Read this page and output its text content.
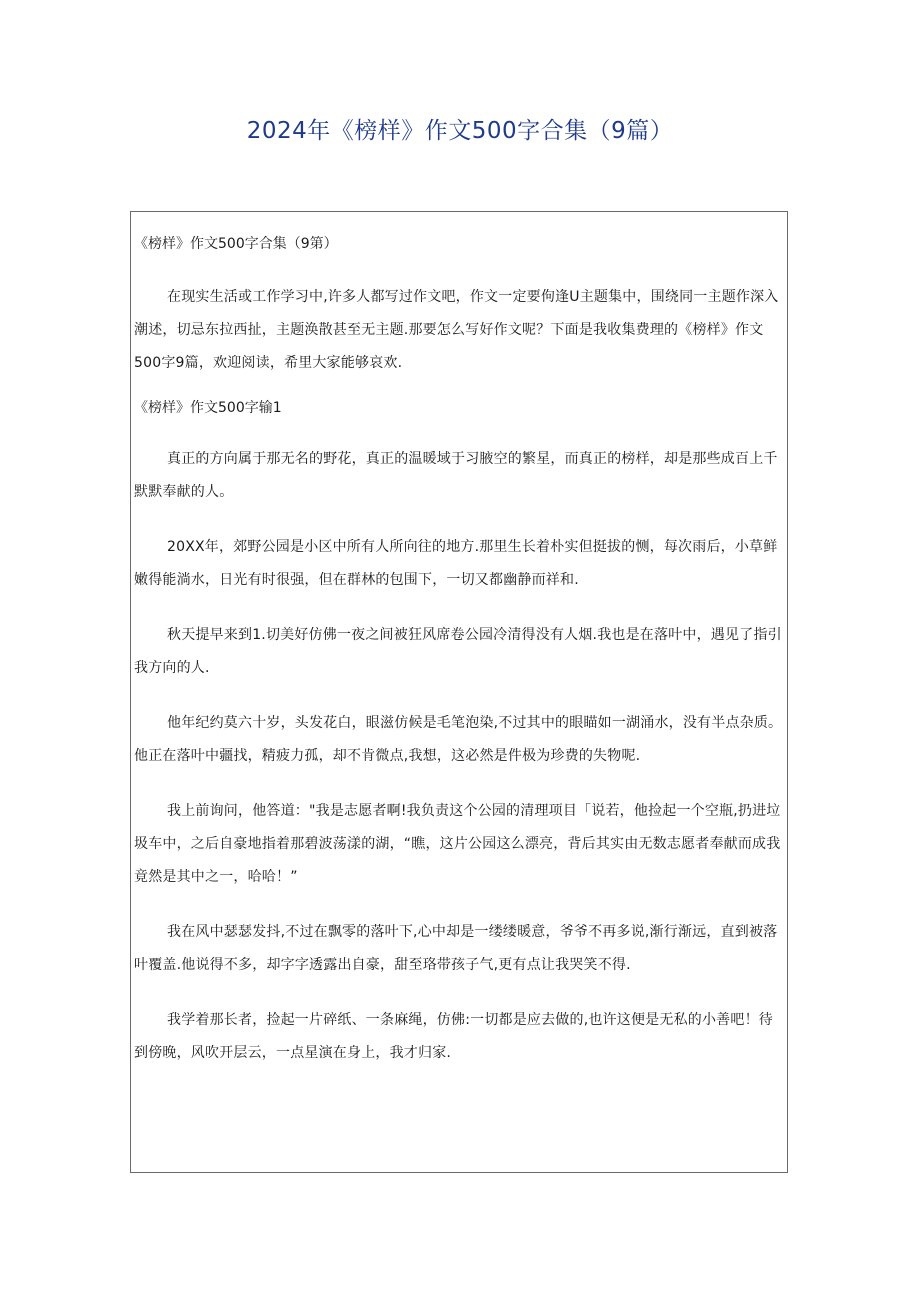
2024年《榜样》作文500字合集（9篇）

《榜样》作文500字合集（9第）

在现实生活或工作学习中,许多人都写过作文吧，作文一定要佝逢U主题集中，围绕同一主题作深入潮述，切忌东拉西扯，主题涣散甚至无主题.那要怎么写好作文呢？下面是我收集费理的《榜样》作文500字9篇，欢迎阅读，希里大家能够哀欢.

《榜样》作文500字输1

真正的方向属于那无名的野花，真正的温暖域于习腋空的繁星，而真正的榜样，却是那些成百上千默默奉献的人。

20XX年，郊野公园是小区中所有人所向往的地方.那里生长着朴实但挺拔的恻，每次雨后，小草鲜嫩得能淌水，日光有时很强，但在群林的包围下，一切又都幽静而祥和.

秋天提早来到1.切美好仿佛一夜之间被狂风席卷公园冷清得没有人烟.我也是在落叶中，遇见了指引我方向的人.

他年纪约莫六十岁，头发花白，眼滋仿候是毛笔泡染,不过其中的眼瞄如一湖涌水，没有半点杂质。他正在落叶中疆找，精疲力孤，却不肯微点,我想，这必然是件极为珍费的失物呢.

我上前询问，他答道："我是志愿者啊!我负责这个公园的清理项目「说若，他捡起一个空瓶,扔进垃圾车中，之后自豪地指着那碧波荡漾的湖，“瞧，这片公园这么漂亮，背后其实由无数志愿者奉献而成我竟然是其中之一，哈哈！”

我在风中瑟瑟发抖,不过在飘零的落叶下,心中却是一缕缕暖意，爷爷不再多说,渐行渐远，直到被落叶覆盖.他说得不多，却字字透露出自豪，甜至珞带孩子气,更有点让我哭笑不得.

我学着那长者，捡起一片碎纸、一条麻绳，仿佛:一切都是应去做的,也许这便是无私的小善吧！待到傍晚，风吹开层云，一点星演在身上，我才归家.
